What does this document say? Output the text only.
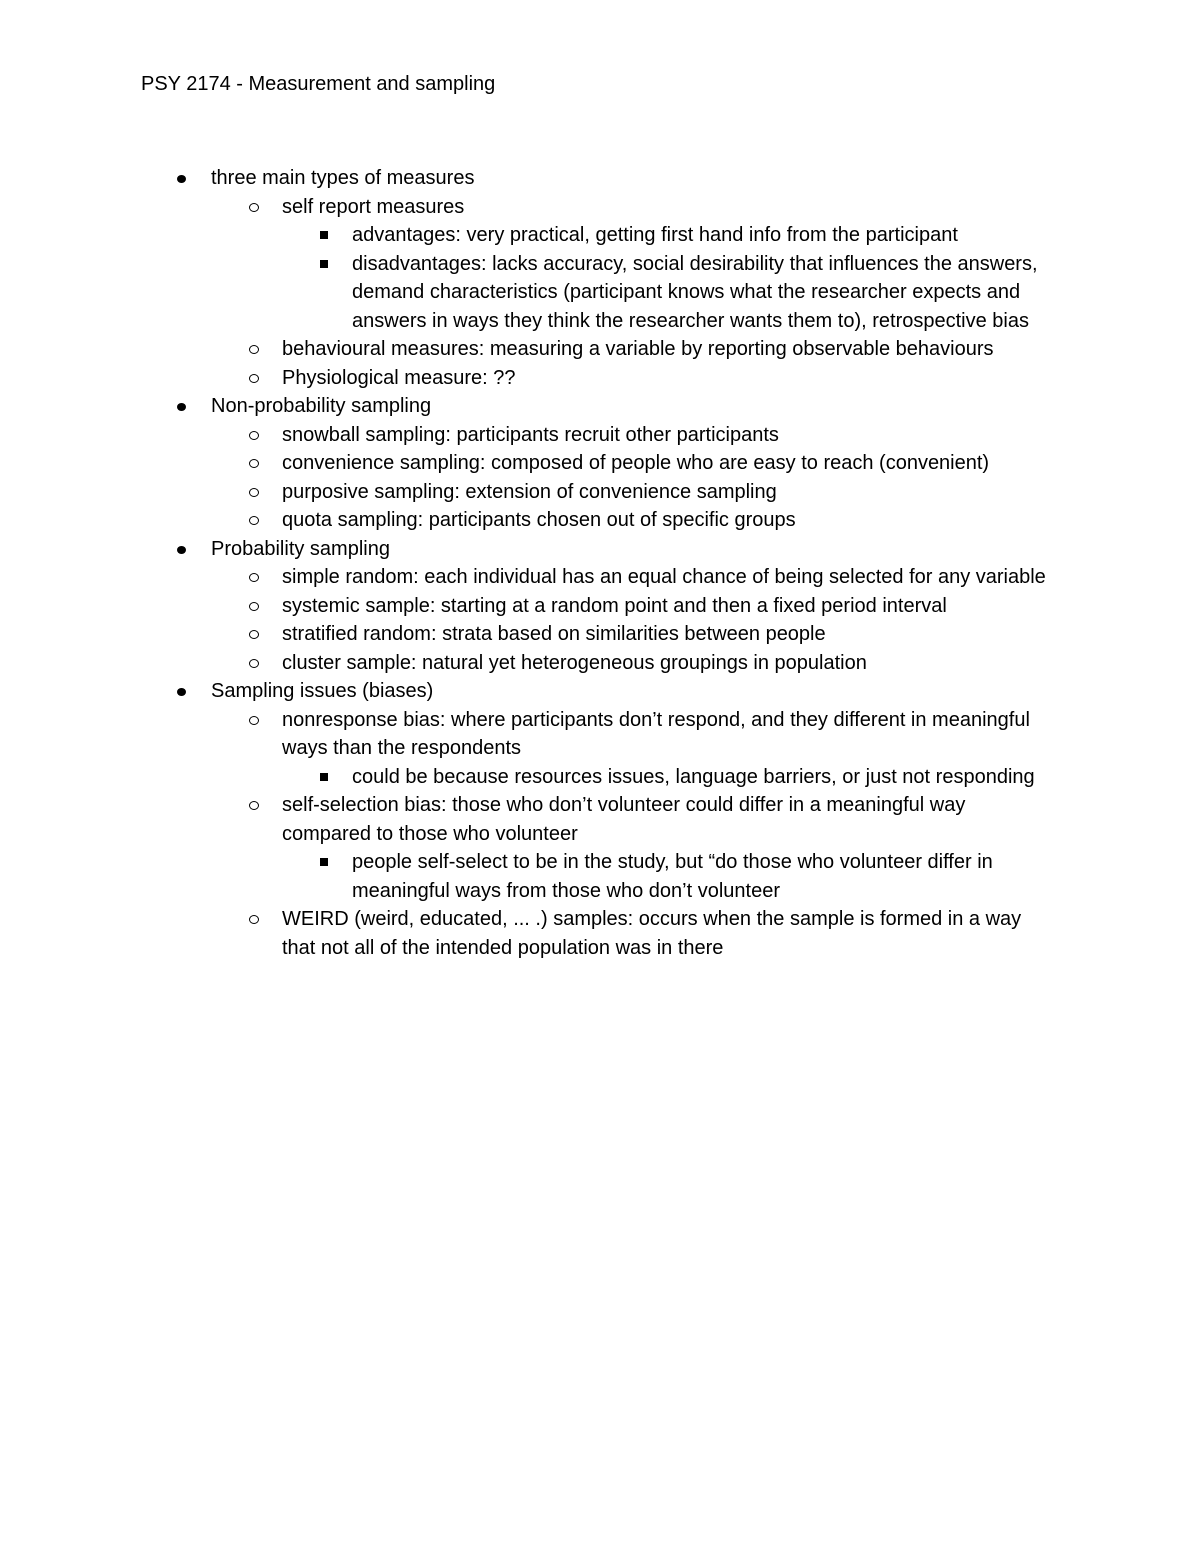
PSY 2174 - Measurement and sampling
three main types of measures
self report measures
advantages: very practical, getting first hand info from the participant
disadvantages: lacks accuracy, social desirability that influences the answers, demand characteristics (participant knows what the researcher expects and answers in ways they think the researcher wants them to), retrospective bias
behavioural measures: measuring a variable by reporting observable behaviours
Physiological measure: ??
Non-probability sampling
snowball sampling: participants recruit other participants
convenience sampling: composed of people who are easy to reach (convenient)
purposive sampling: extension of convenience sampling
quota sampling: participants chosen out of specific groups
Probability sampling
simple random: each individual has an equal chance of being selected for any variable
systemic sample: starting at a random point and then a fixed period interval
stratified random: strata based on similarities between people
cluster sample: natural yet heterogeneous groupings in population
Sampling issues (biases)
nonresponse bias: where participants don’t respond, and they different in meaningful ways than the respondents
could be because resources issues, language barriers, or just not responding
self-selection bias: those who don’t volunteer could differ in a meaningful way compared to those who volunteer
people self-select to be in the study, but “do those who volunteer differ in meaningful ways from those who don’t volunteer
WEIRD (weird, educated, ... .) samples: occurs when the sample is formed in a way that not all of the intended population was in there
